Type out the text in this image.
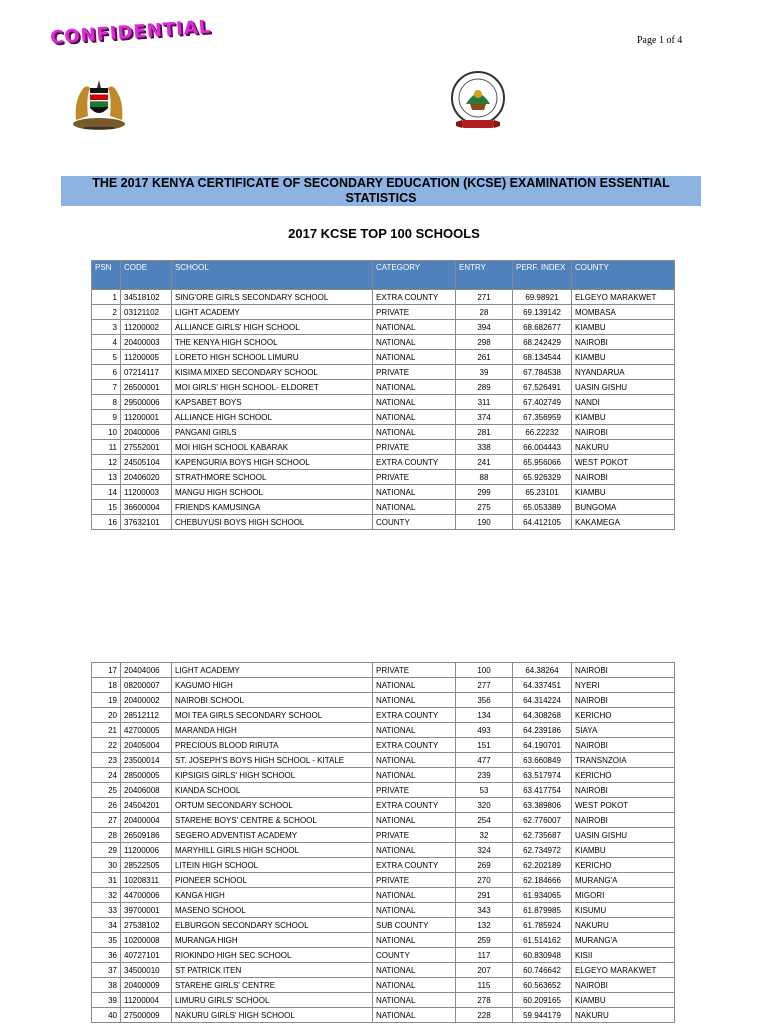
CONFIDENTIAL	Page 1 of 4
THE 2017 KENYA CERTIFICATE OF SECONDARY EDUCATION (KCSE) EXAMINATION ESSENTIAL STATISTICS
2017 KCSE TOP 100 SCHOOLS
PSN	CODE	SCHOOL	CATEGORY	ENTRY	PERF. INDEX	COUNTY
1	34518102	SING'ORE GIRLS SECONDARY SCHOOL	EXTRA COUNTY	271	69.98921	ELGEYO MARAKWET
2	03121102	LIGHT ACADEMY	PRIVATE	28	69.139142	MOMBASA
3	11200002	ALLIANCE GIRLS' HIGH SCHOOL	NATIONAL	394	68.682677	KIAMBU
4	20400003	THE KENYA HIGH SCHOOL	NATIONAL	298	68.242429	NAIROBI
5	11200005	LORETO HIGH SCHOOL LIMURU	NATIONAL	261	68.134544	KIAMBU
6	07214117	KISIMA MIXED SECONDARY SCHOOL	PRIVATE	39	67.784538	NYANDARUA
7	26500001	MOI GIRLS' HIGH SCHOOL- ELDORET	NATIONAL	289	67.526491	UASIN GISHU
8	29500006	KAPSABET BOYS	NATIONAL	311	67.402749	NANDI
9	11200001	ALLIANCE HIGH SCHOOL	NATIONAL	374	67.356959	KIAMBU
10	20400006	PANGANI GIRLS	NATIONAL	281	66.22232	NAIROBI
11	27552001	MOI HIGH SCHOOL KABARAK	PRIVATE	338	66.004443	NAKURU
12	24505104	KAPENGURIA BOYS HIGH SCHOOL	EXTRA COUNTY	241	65.956066	WEST POKOT
13	20406020	STRATHMORE SCHOOL	PRIVATE	88	65.926329	NAIROBI
14	11200003	MANGU HIGH SCHOOL	NATIONAL	299	65.23101	KIAMBU
15	36600004	FRIENDS KAMUSINGA	NATIONAL	275	65.053389	BUNGOMA
16	37632101	CHEBUYUSI BOYS HIGH SCHOOL	COUNTY	190	64.412105	KAKAMEGA
17	20404006	LIGHT ACADEMY	PRIVATE	100	64.38264	NAIROBI
18	08200007	KAGUMO HIGH	NATIONAL	277	64.337451	NYERI
19	20400002	NAIROBI SCHOOL	NATIONAL	356	64.314224	NAIROBI
20	28512112	MOI TEA GIRLS SECONDARY SCHOOL	EXTRA COUNTY	134	64.308268	KERICHO
21	42700005	MARANDA HIGH	NATIONAL	493	64.239186	SIAYA
22	20405004	PRECIOUS BLOOD RIRUTA	EXTRA COUNTY	151	64.190701	NAIROBI
23	23500014	ST. JOSEPH'S BOYS HIGH SCHOOL - KITALE	NATIONAL	477	63.660849	TRANSNZOIA
24	28500005	KIPSIGIS GIRLS' HIGH SCHOOL	NATIONAL	239	63.517974	KERICHO
25	20406008	KIANDA SCHOOL	PRIVATE	53	63.417754	NAIROBI
26	24504201	ORTUM SECONDARY SCHOOL	EXTRA COUNTY	320	63.389806	WEST POKOT
27	20400004	STAREHE BOYS' CENTRE & SCHOOL	NATIONAL	254	62.776007	NAIROBI
28	26509186	SEGERO ADVENTIST ACADEMY	PRIVATE	32	62.735687	UASIN GISHU
29	11200006	MARYHILL GIRLS HIGH SCHOOL	NATIONAL	324	62.734972	KIAMBU
30	28522505	LITEIN HIGH SCHOOL	EXTRA COUNTY	269	62.202189	KERICHO
31	10208311	PIONEER SCHOOL	PRIVATE	270	62.184666	MURANG'A
32	44700006	KANGA HIGH	NATIONAL	291	61.934065	MIGORI
33	39700001	MASENO SCHOOL	NATIONAL	343	61.879985	KISUMU
34	27538102	ELBURGON SECONDARY SCHOOL	SUB COUNTY	132	61.785924	NAKURU
35	10200008	MURANGA HIGH	NATIONAL	259	61.514162	MURANG'A
36	40727101	RIOKINDO HIGH SEC SCHOOL	COUNTY	117	60.830948	KISII
37	34500010	ST PATRICK ITEN	NATIONAL	207	60.746642	ELGEYO MARAKWET
38	20400009	STAREHE GIRLS' CENTRE	NATIONAL	115	60.563652	NAIROBI
39	11200004	LIMURU GIRLS' SCHOOL	NATIONAL	278	60.209165	KIAMBU
40	27500009	NAKURU GIRLS' HIGH SCHOOL	NATIONAL	228	59.944179	NAKURU
